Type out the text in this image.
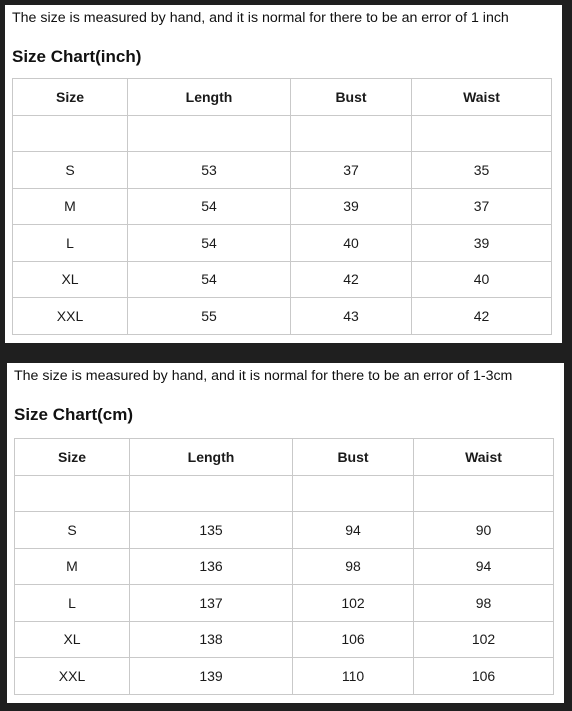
The size is measured by hand, and it is normal for there to be an error of 1 inch
Size Chart(inch)
Size	Length	Bust	Waist

S	53	37	35
M	54	39	37
L	54	40	39
XL	54	42	40
XXL	55	43	42
The size is measured by hand, and it is normal for there to be an error of 1-3cm
Size Chart(cm)
Size	Length	Bust	Waist

S	135	94	90
M	136	98	94
L	137	102	98
XL	138	106	102
XXL	139	110	106
